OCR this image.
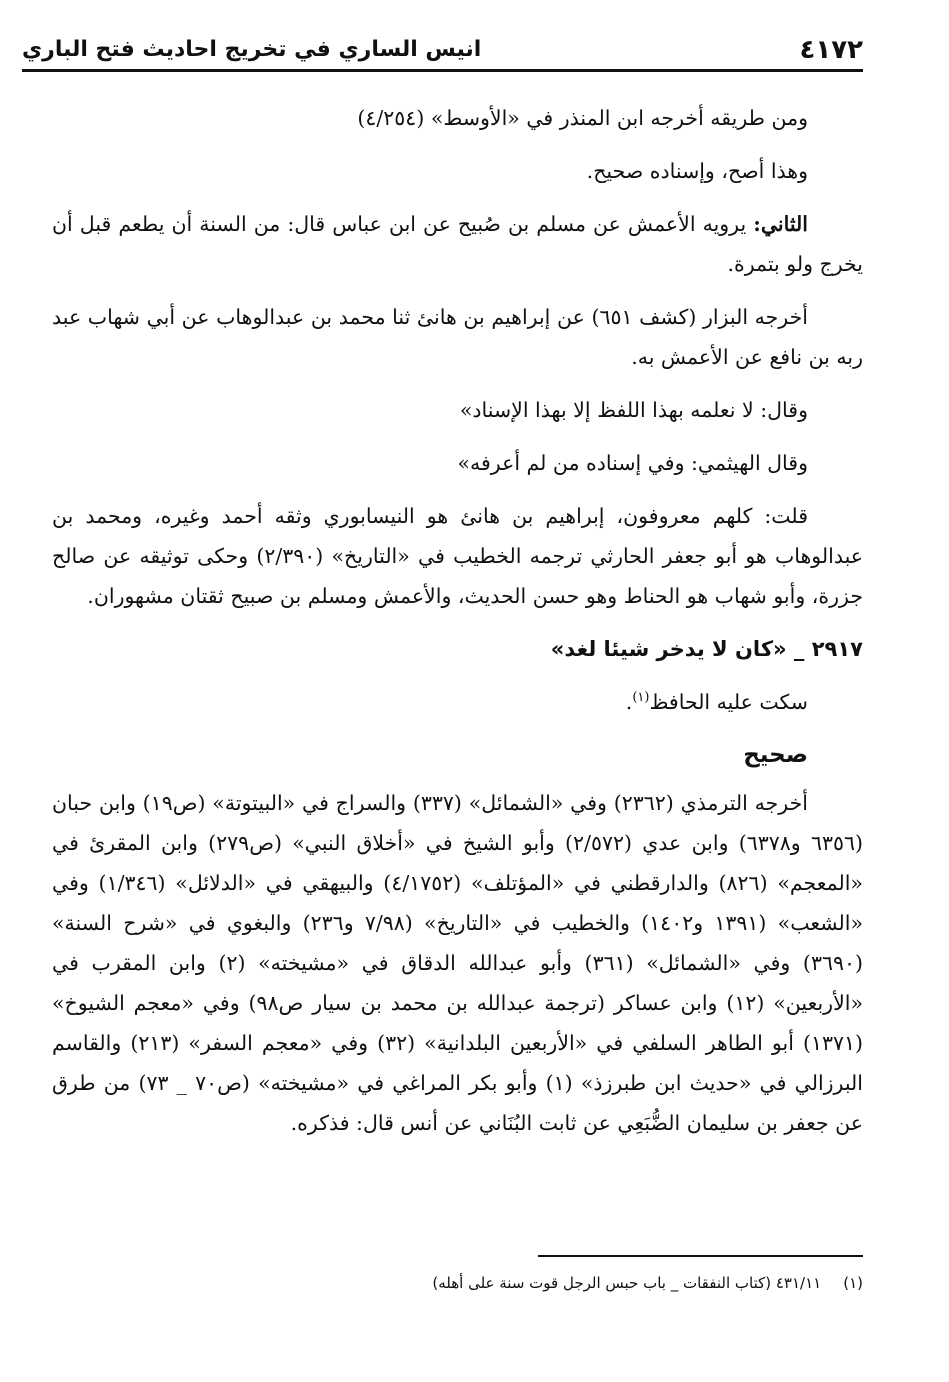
٤١٧٢
انيس الساري في تخريج احاديث فتح الباري

ومن طريقه أخرجه ابن المنذر في «الأوسط» (٤/٢٥٤)

وهذا أصح، وإسناده صحيح.

الثاني: يرويه الأعمش عن مسلم بن صُبيح عن ابن عباس قال: من السنة أن يطعم قبل أن يخرج ولو بتمرة.

أخرجه البزار (كشف ٦٥١) عن إبراهيم بن هانئ ثنا محمد بن عبدالوهاب عن أبي شهاب عبد ربه بن نافع عن الأعمش به.

وقال: لا نعلمه بهذا اللفظ إلا بهذا الإسناد»

وقال الهيثمي: وفي إسناده من لم أعرفه»

قلت: كلهم معروفون، إبراهيم بن هانئ هو النيسابوري وثقه أحمد وغيره، ومحمد بن عبدالوهاب هو أبو جعفر الحارثي ترجمه الخطيب في «التاريخ» (٢/٣٩٠) وحكى توثيقه عن صالح جزرة، وأبو شهاب هو الحناط وهو حسن الحديث، والأعمش ومسلم بن صبيح ثقتان مشهوران.

٢٩١٧ _ «كان لا يدخر شيئا لغد»

سكت عليه الحافظ$^{(١)}$.

صحيح

أخرجه الترمذي (٢٣٦٢) وفي «الشمائل» (٣٣٧) والسراج في «البيتوتة» (ص١٩) وابن حبان (٦٣٥٦ و٦٣٧٨) وابن عدي (٢/٥٧٢) وأبو الشيخ في «أخلاق النبي» (ص٢٧٩) وابن المقرئ في «المعجم» (٨٢٦) والدارقطني في «المؤتلف» (٤/١٧٥٢) والبيهقي في «الدلائل» (١/٣٤٦) وفي «الشعب» (١٣٩١ و١٤٠٢) والخطيب في «التاريخ» (٧/٩٨ و٢٣٦) والبغوي في «شرح السنة» (٣٦٩٠) وفي «الشمائل» (٣٦١) وأبو عبدالله الدقاق في «مشيخته» (٢) وابن المقرب في «الأربعين» (١٢) وابن عساكر (ترجمة عبدالله بن محمد بن سيار ص٩٨) وفي «معجم الشيوخ» (١٣٧١) أبو الطاهر السلفي في «الأربعين البلدانية» (٣٢) وفي «معجم السفر» (٢١٣) والقاسم البرزالي في «حديث ابن طبرزذ» (١) وأبو بكر المراغي في «مشيخته» (ص٧٠ _ ٧٣) من طرق عن جعفر بن سليمان الضُّبَعِي عن ثابت البُنَاني عن أنس قال: فذكره.

(١)٤٣١/١١ (كتاب النفقات _ باب حبس الرجل قوت سنة على أهله)
